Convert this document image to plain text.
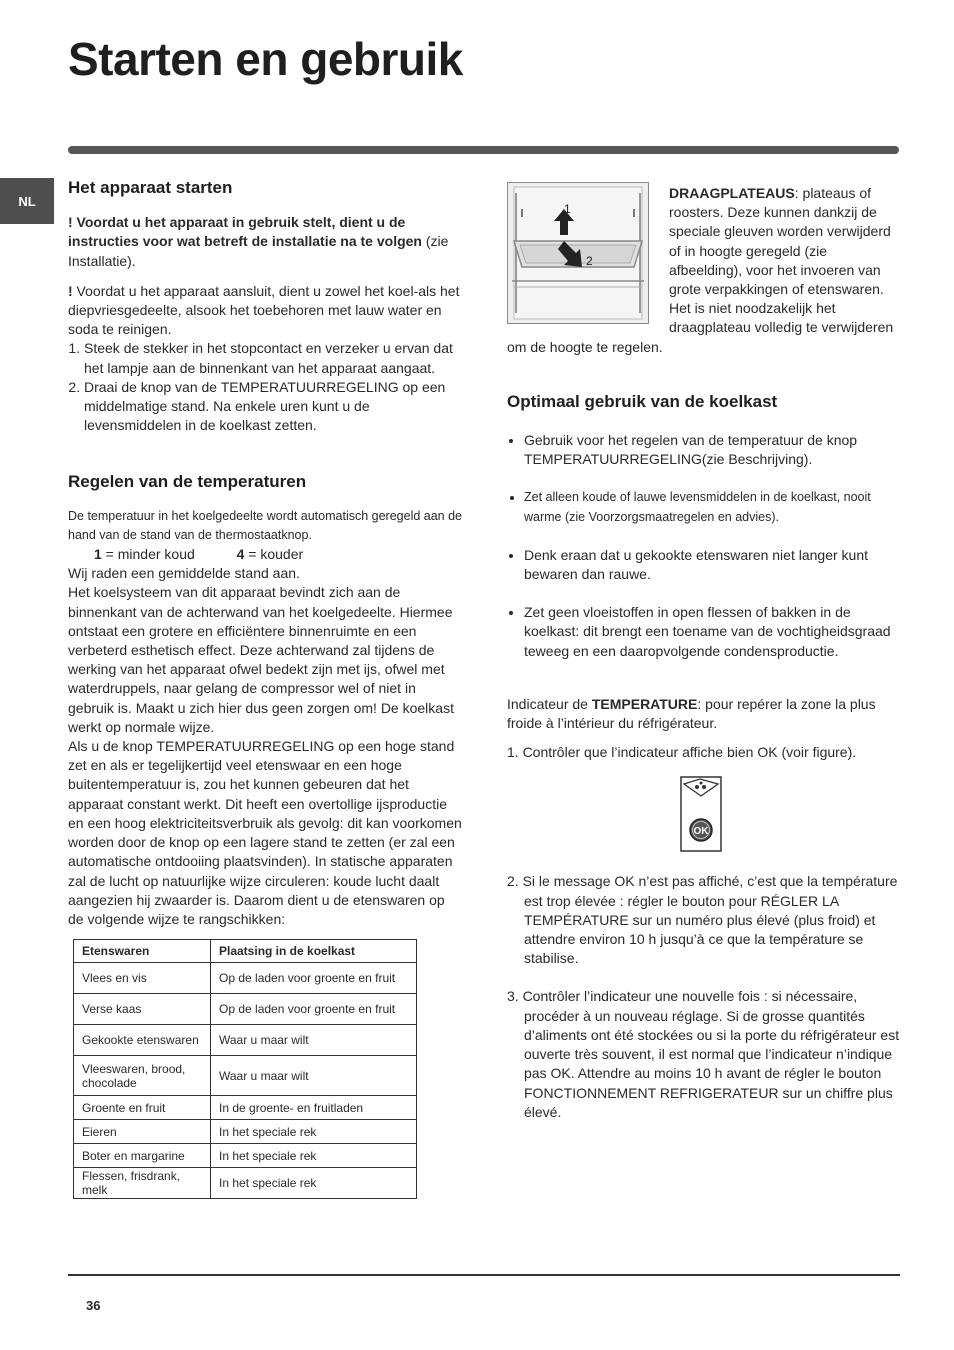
Starten en gebruik
NL
Het apparaat starten

! Voordat u het apparaat in gebruik stelt, dient u de instructies voor wat betreft de installatie na te volgen (zie Installatie).

! Voordat u het apparaat aansluit, dient u zowel het koel-als het diepvriesgedeelte, alsook het toebehoren met lauw water en soda te reinigen.

1. Steek de stekker in het stopcontact en verzeker u ervan dat het lampje aan de binnenkant van het apparaat aangaat.
2. Draai de knop van de TEMPERATUURREGELING op een middelmatige stand. Na enkele uren kunt u de levensmiddelen in de koelkast zetten.
Regelen van de temperaturen

De temperatuur in het koelgedeelte wordt automatisch geregeld aan de hand van de stand van de thermostaatknop.

1 = minder koud	4 = kouder

Wij raden een gemiddelde stand aan.

Het koelsysteem van dit apparaat bevindt zich aan de binnenkant van de achterwand van het koelgedeelte. Hiermee ontstaat een grotere en efficiëntere binnenruimte en een verbeterd esthetisch effect. Deze achterwand zal tijdens de werking van het apparaat ofwel bedekt zijn met ijs, ofwel met waterdruppels, naar gelang de compressor wel of niet in gebruik is. Maakt u zich hier dus geen zorgen om! De koelkast werkt op normale wijze.

Als u de knop TEMPERATUURREGELING op een hoge stand zet en als er tegelijkertijd veel etenswaar en een hoge buitentemperatuur is, zou het kunnen gebeuren dat het apparaat constant werkt. Dit heeft een overtollige ijsproductie en een hoog elektriciteitsverbruik als gevolg: dit kan voorkomen worden door de knop op een lagere stand te zetten (er zal een automatische ontdooiing plaatsvinden). In statische apparaten zal de lucht op natuurlijke wijze circuleren: koude lucht daalt aangezien hij zwaarder is. Daarom dient u de etenswaren op de volgende wijze te rangschikken:

Etenswaren	Plaatsing in de koelkast
Vlees en vis	Op de laden voor groente en fruit
Verse kaas	Op de laden voor groente en fruit
Gekookte etenswaren	Waar u maar wilt
Vleeswaren, brood, chocolade	Waar u maar wilt
Groente en fruit	In de groente- en fruitladen
Eieren	In het speciale rek
Boter en margarine	In het speciale rek
Flessen, frisdrank, melk	In het speciale rek
1
2

DRAAGPLATEAUS: plateaus of roosters. Deze kunnen dankzij de speciale gleuven worden verwijderd of in hoogte geregeld (zie afbeelding), voor het invoeren van grote verpakkingen of etenswaren. Het is niet noodzakelijk het draagplateau volledig te verwijderen om de hoogte te regelen.

Optimaal gebruik van de koelkast
• Gebruik voor het regelen van de temperatuur de knop TEMPERATUURREGELING(zie Beschrijving).
• Zet alleen koude of lauwe levensmiddelen in de koelkast, nooit warme (zie Voorzorgsmaatregelen en advies).
• Denk eraan dat u gekookte etenswaren niet langer kunt bewaren dan rauwe.
• Zet geen vloeistoffen in open flessen of bakken in de koelkast: dit brengt een toename van de vochtigheidsgraad teweeg en een daaropvolgende condensproductie.

Indicateur de TEMPERATURE: pour repérer la zone la plus froide à l’intérieur du réfrigérateur.

1. Contrôler que l’indicateur affiche bien OK (voir figure).

OK
2. Si le message OK n’est pas affiché, c’est que la température est trop élevée : régler le bouton pour RÉGLER LA TEMPÉRATURE sur un numéro plus élevé (plus froid) et attendre environ 10 h jusqu’à ce que la température se stabilise.
3. Contrôler l’indicateur une nouvelle fois : si nécessaire, procéder à un nouveau réglage. Si de grosse quantités d’aliments ont été stockées ou si la porte du réfrigérateur est ouverte très souvent, il est normal que l’indicateur n’indique pas OK. Attendre au moins 10 h avant de régler le bouton FONCTIONNEMENT REFRIGERATEUR sur un chiffre plus élevé.
36
